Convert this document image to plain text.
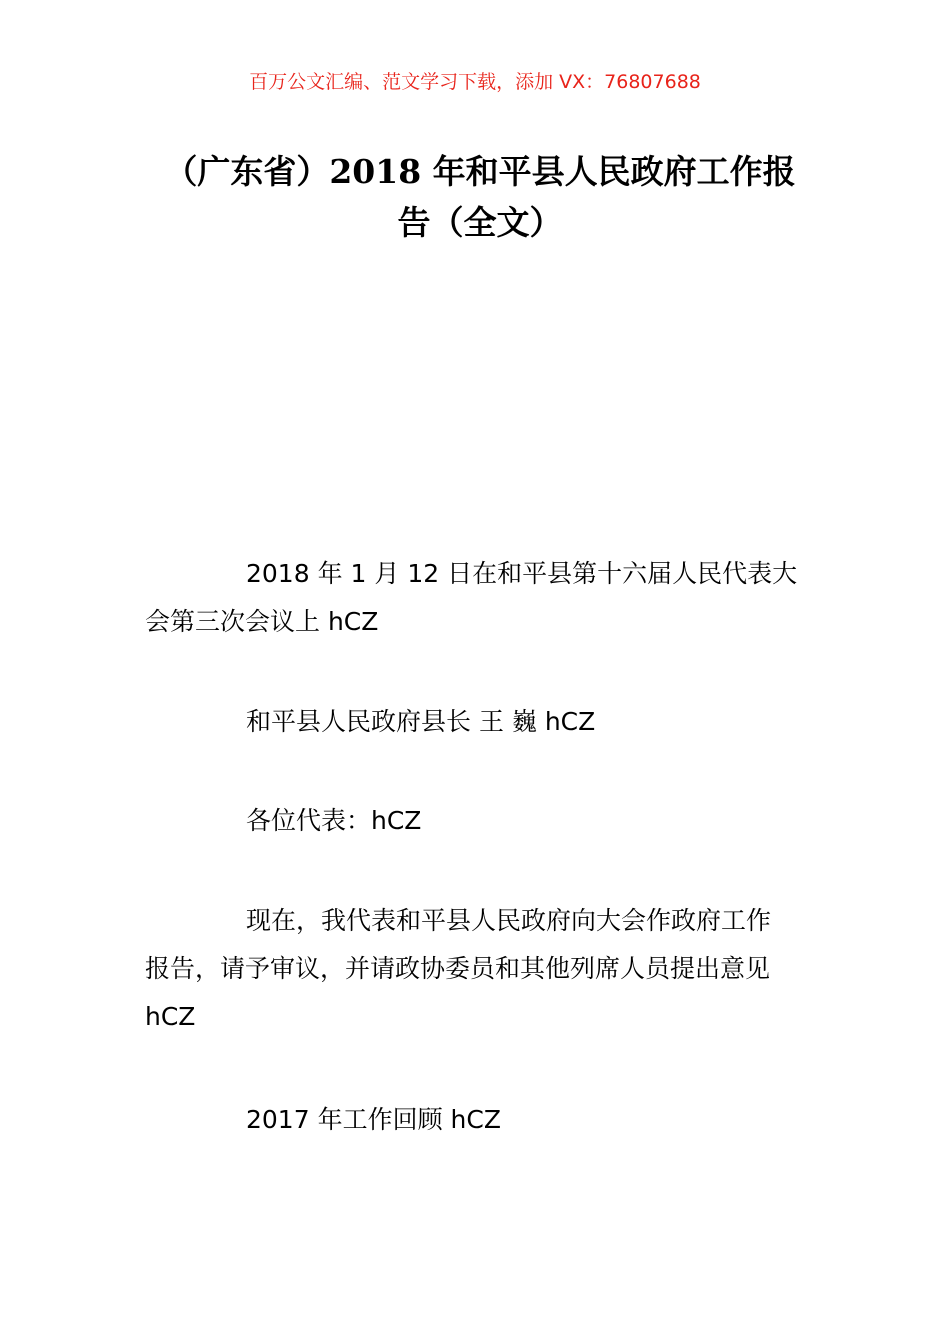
百万公文汇编、范文学习下载，添加 VX：76807688
（广东省）2018 年和平县人民政府工作报
告（全文）

2018 年 1 月 12 日在和平县第十六届人民代表大
会第三次会议上 hCZ

和平县人民政府县长 王 巍 hCZ

各位代表：hCZ

现在，我代表和平县人民政府向大会作政府工作
报告，请予审议，并请政协委员和其他列席人员提出意见
hCZ

2017 年工作回顾 hCZ
